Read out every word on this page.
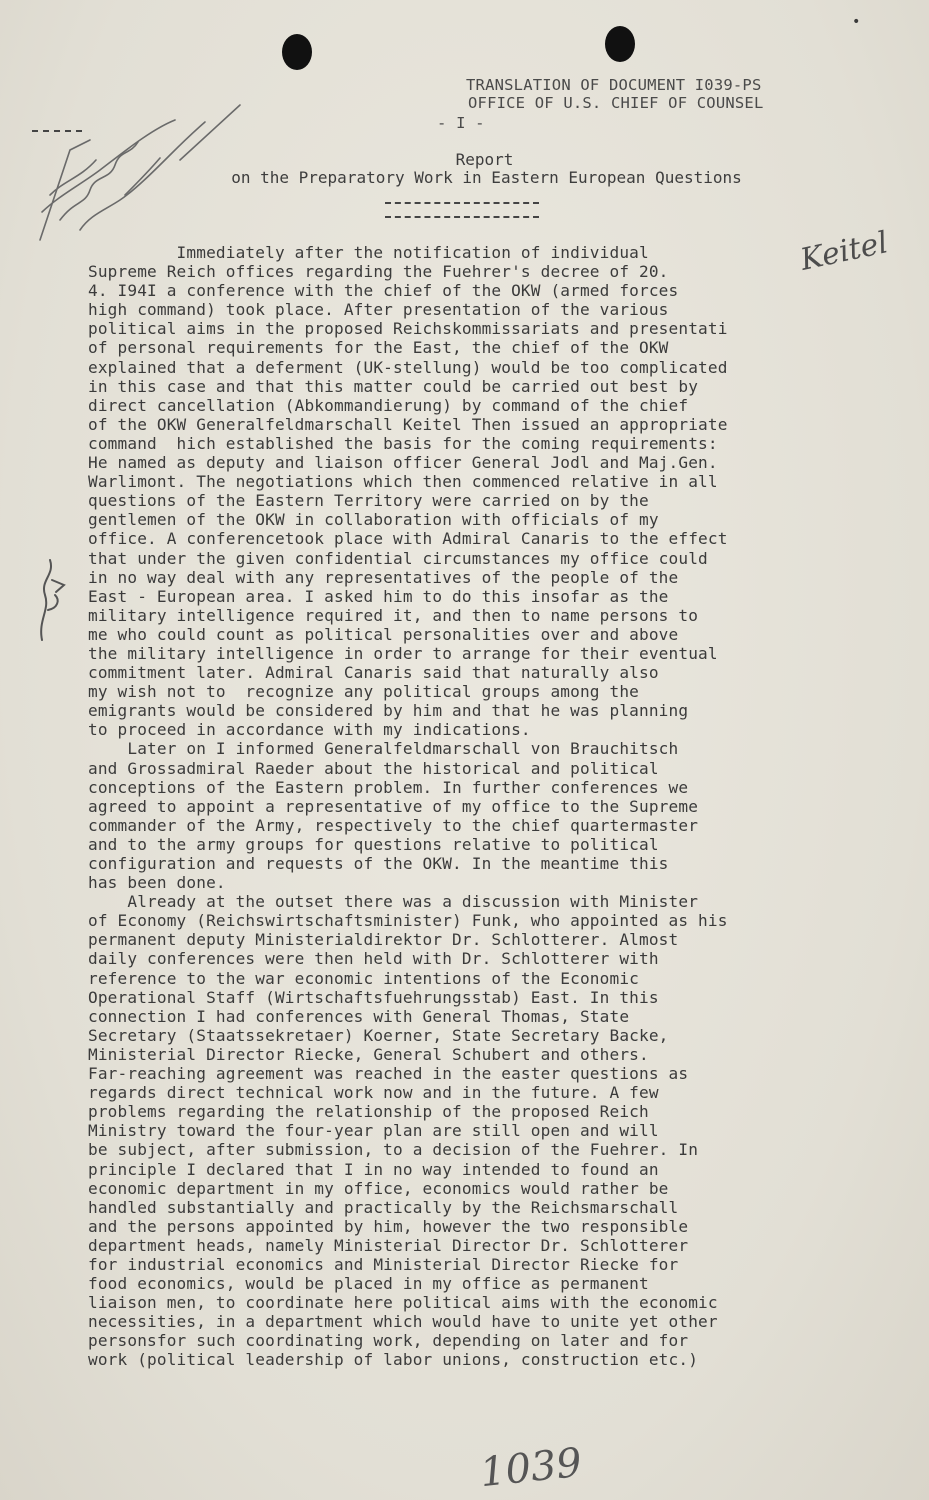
TRANSLATION OF DOCUMENT I039-PS
OFFICE OF U.S. CHIEF OF COUNSEL
- I -
Report
on the Preparatory Work in Eastern European Questions
Keitel
Immediately after the notification of individual
Supreme Reich offices regarding the Fuehrer's decree of 20.
4. I94I a conference with the chief of the OKW (armed forces
high command) took place. After presentation of the various
political aims in the proposed Reichskommissariats and presentati
of personal requirements for the East, the chief of the OKW
explained that a deferment (UK-stellung) would be too complicated
in this case and that this matter could be carried out best by
direct cancellation (Abkommandierung) by command of the chief
of the OKW Generalfeldmarschall Keitel Then issued an appropriate
command  hich established the basis for the coming requirements:
He named as deputy and liaison officer General Jodl and Maj.Gen.
Warlimont. The negotiations which then commenced relative in all
questions of the Eastern Territory were carried on by the
gentlemen of the OKW in collaboration with officials of my
office. A conferencetook place with Admiral Canaris to the effect
that under the given confidential circumstances my office could
in no way deal with any representatives of the people of the
East - European area. I asked him to do this insofar as the
military intelligence required it, and then to name persons to
me who could count as political personalities over and above
the military intelligence in order to arrange for their eventual
commitment later. Admiral Canaris said that naturally also
my wish not to  recognize any political groups among the
emigrants would be considered by him and that he was planning
to proceed in accordance with my indications.
Later on I informed Generalfeldmarschall von Brauchitsch
and Grossadmiral Raeder about the historical and political
conceptions of the Eastern problem. In further conferences we
agreed to appoint a representative of my office to the Supreme
commander of the Army, respectively to the chief quartermaster
and to the army groups for questions relative to political
configuration and requests of the OKW. In the meantime this
has been done.
Already at the outset there was a discussion with Minister
of Economy (Reichswirtschaftsminister) Funk, who appointed as his
permanent deputy Ministerialdirektor Dr. Schlotterer. Almost
daily conferences were then held with Dr. Schlotterer with
reference to the war economic intentions of the Economic
Operational Staff (Wirtschaftsfuehrungsstab) East. In this
connection I had conferences with General Thomas, State
Secretary (Staatssekretaer) Koerner, State Secretary Backe,
Ministerial Director Riecke, General Schubert and others.
Far-reaching agreement was reached in the easter questions as
regards direct technical work now and in the future. A few
problems regarding the relationship of the proposed Reich
Ministry toward the four-year plan are still open and will
be subject, after submission, to a decision of the Fuehrer. In
principle I declared that I in no way intended to found an
economic department in my office, economics would rather be
handled substantially and practically by the Reichsmarschall
and the persons appointed by him, however the two responsible
department heads, namely Ministerial Director Dr. Schlotterer
for industrial economics and Ministerial Director Riecke for
food economics, would be placed in my office as permanent
liaison men, to coordinate here political aims with the economic
necessities, in a department which would have to unite yet other
personsfor such coordinating work, depending on later and for
work (political leadership of labor unions, construction etc.)
1039
•
